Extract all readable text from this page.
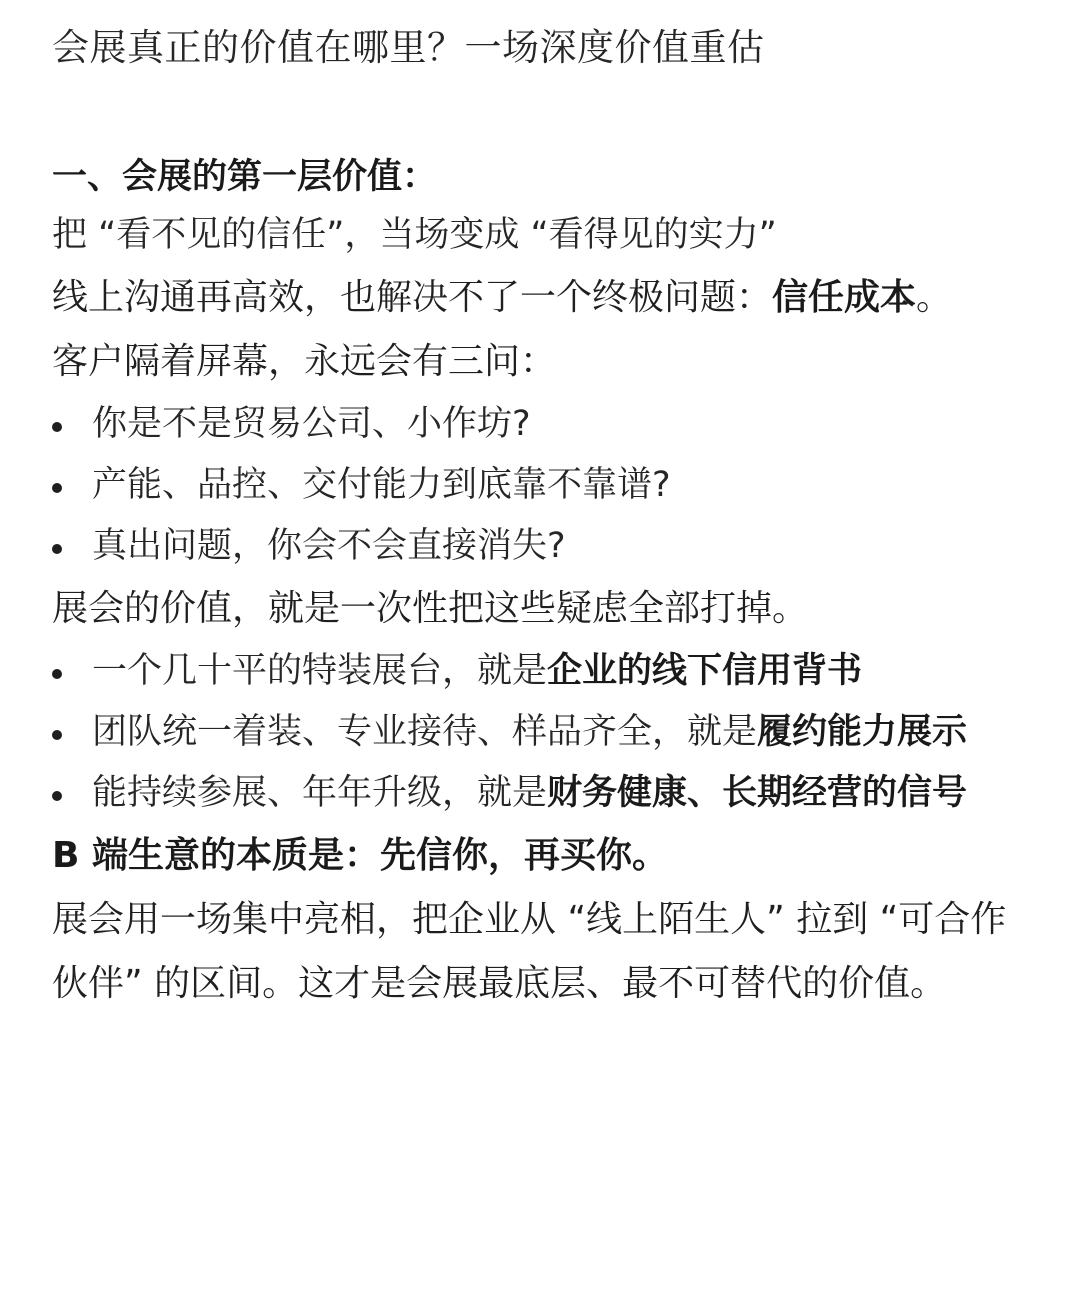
会展真正的价值在哪里？一场深度价值重估
一、会展的第一层价值：

把 “看不见的信任”，当场变成 “看得见的实力”

线上沟通再高效，也解决不了一个终极问题：信任成本。

客户隔着屏幕，永远会有三问：

你是不是贸易公司、小作坊?
产能、品控、交付能力到底靠不靠谱?
真出问题，你会不会直接消失?

展会的价值，就是一次性把这些疑虑全部打掉。

一个几十平的特装展台，就是企业的线下信用背书
团队统一着装、专业接待、样品齐全，就是履约能力展示
能持续参展、年年升级，就是财务健康、长期经营的信号

B 端生意的本质是：先信你，再买你。

展会用一场集中亮相，把企业从 “线上陌生人” 拉到 “可合作伙伴” 的区间。这才是会展最底层、最不可替代的价值。
